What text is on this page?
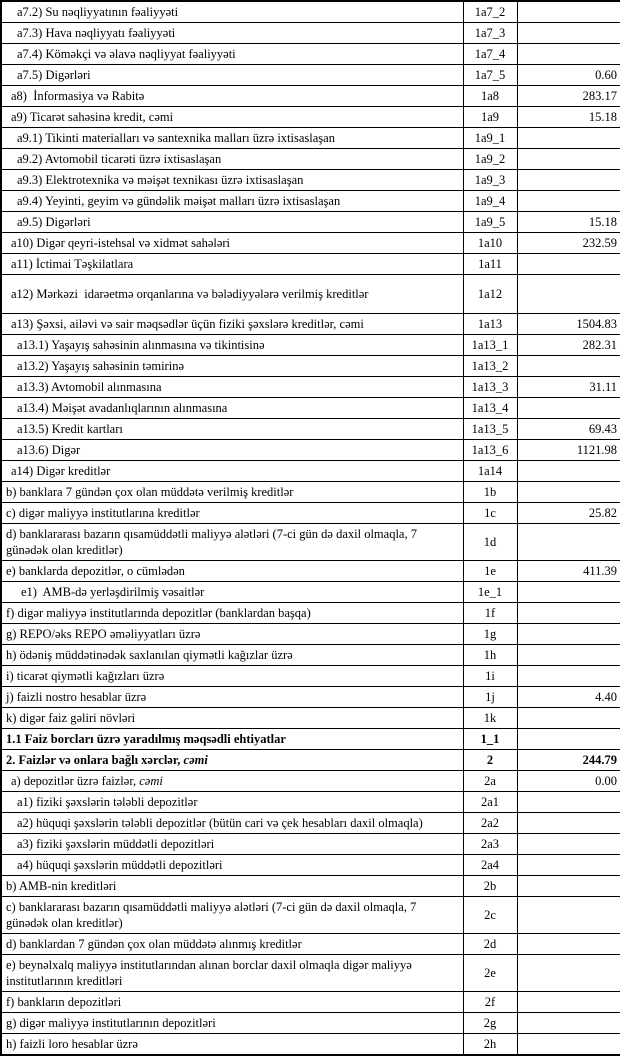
a7.2) Su nəqliyyatının fəaliyyəti	1a7_2	
a7.3) Hava nəqliyyatı fəaliyyəti	1a7_3	
a7.4) Köməkçi və əlavə nəqliyyat fəaliyyəti	1a7_4	
a7.5) Digərləri	1a7_5	0.60
a8)  İnformasiya və Rabitə	1a8	283.17
a9) Ticarət sahəsinə kredit, cəmi	1a9	15.18
a9.1) Tikinti materialları və santexnika malları üzrə ixtisaslaşan	1a9_1	
a9.2) Avtomobil ticarəti üzrə ixtisaslaşan	1a9_2	
a9.3) Elektrotexnika və məişət texnikası üzrə ixtisaslaşan	1a9_3	
a9.4) Yeyinti, geyim və gündəlik məişət malları üzrə ixtisaslaşan	1a9_4	
a9.5) Digərləri	1a9_5	15.18
a10) Digər qeyri-istehsal və xidmət sahələri	1a10	232.59
a11) İctimai Təşkilatlara	1a11	
a12) Mərkəzi  idarəetmə orqanlarına və bələdiyyələrə verilmiş kreditlər	1a12	
a13) Şəxsi, ailəvi və sair məqsədlər üçün fiziki şəxslərə kreditlər, cəmi	1a13	1504.83
a13.1) Yaşayış sahəsinin alınmasına və tikintisinə	1a13_1	282.31
a13.2) Yaşayış sahəsinin təmirinə	1a13_2	
a13.3) Avtomobil alınmasına	1a13_3	31.11
a13.4) Məişət avadanlıqlarının alınmasına	1a13_4	
a13.5) Kredit kartları	1a13_5	69.43
a13.6) Digər	1a13_6	1121.98
a14) Digər kreditlər	1a14	
b) banklara 7 gündən çox olan müddətə verilmiş kreditlər	1b	
c) digər maliyyə institutlarına kreditlər	1c	25.82
d) banklararası bazarın qısamüddətli maliyyə alətləri (7-ci gün də daxil olmaqla, 7 günədək olan kreditlər)	1d	
e) banklarda depozitlər, o cümlədən	1e	411.39
e1)  AMB-də yerləşdirilmiş vəsaitlər	1e_1	
f) digər maliyyə institutlarında depozitlər (banklardan başqa)	1f	
g) REPO/əks REPO əməliyyatları üzrə	1g	
h) ödəniş müddətinədək saxlanılan qiymətli kağızlar üzrə	1h	
i) ticarət qiymətli kağızları üzrə	1i	
j) faizli nostro hesablar üzrə	1j	4.40
k) digər faiz gəliri növləri	1k	
1.1 Faiz borcları üzrə yaradılmış məqsədli ehtiyatlar	1_1	
2. Faizlər və onlara bağlı xərclər, cəmi	2	244.79
a) depozitlər üzrə faizlər, cəmi	2a	0.00
a1) fiziki şəxslərin tələbli depozitlər	2a1	
a2) hüquqi şəxslərin tələbli depozitlər (bütün cari və çek hesabları daxil olmaqla)	2a2	
a3) fiziki şəxslərin müddətli depozitləri	2a3	
a4) hüquqi şəxslərin müddətli depozitləri	2a4	
b) AMB-nin kreditləri	2b	
c) banklararası bazarın qısamüddətli maliyyə alətləri (7-ci gün də daxil olmaqla, 7 günədək olan kreditlər)	2c	
d) banklardan 7 gündən çox olan müddətə alınmış kreditlər	2d	
e) beynəlxalq maliyyə institutlarından alınan borclar daxil olmaqla digər maliyyə institutlarının kreditləri	2e	
f) bankların depozitləri	2f	
g) digər maliyyə institutlarının depozitləri	2g	
h) faizli loro hesablar üzrə	2h	
